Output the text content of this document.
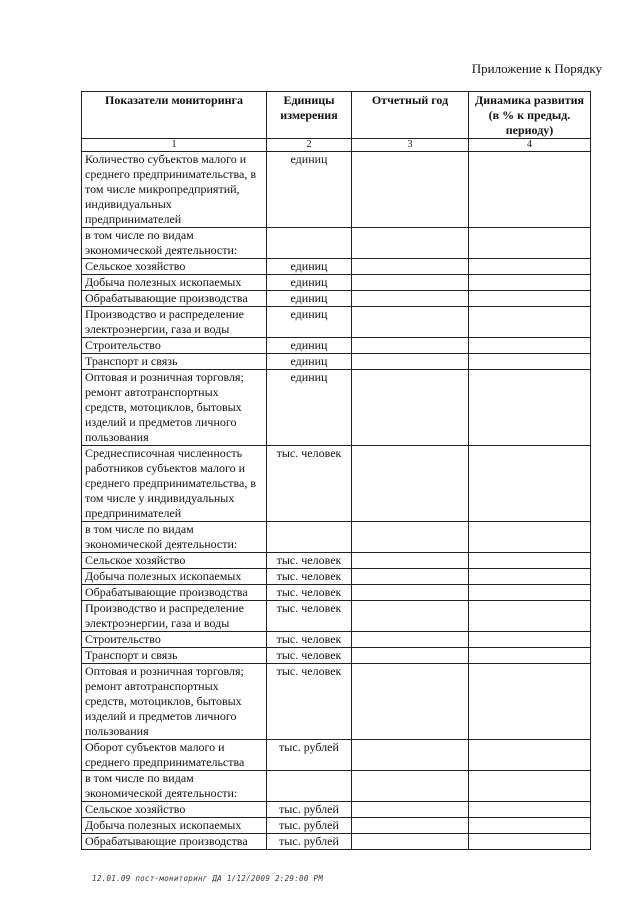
Приложение к Порядку
Показатели мониторинга	Единицы измерения	Отчетный год	Динамика развития (в % к предыд. периоду)
1	2	3	4
Количество субъектов малого и среднего предпринимательства, в том числе микропредприятий, индивидуальных предпринимателей	единиц		
в том числе по видам экономической деятельности:			
Сельское хозяйство	единиц		
Добыча полезных ископаемых	единиц		
Обрабатывающие производства	единиц		
Производство и распределение электроэнергии, газа и воды	единиц		
Строительство	единиц		
Транспорт и связь	единиц		
Оптовая и розничная торговля; ремонт автотранспортных средств, мотоциклов, бытовых изделий и предметов личного пользования	единиц		
Среднесписочная численность работников субъектов малого и среднего предпринимательства, в том числе у индивидуальных предпринимателей	тыс. человек		
в том числе по видам экономической деятельности:			
Сельское хозяйство	тыс. человек		
Добыча полезных ископаемых	тыс. человек		
Обрабатывающие производства	тыс. человек		
Производство и распределение электроэнергии, газа и воды	тыс. человек		
Строительство	тыс. человек		
Транспорт и связь	тыс. человек		
Оптовая и розничная торговля; ремонт автотранспортных средств, мотоциклов, бытовых изделий и предметов личного пользования	тыс. человек		
Оборот субъектов малого и среднего предпринимательства	тыс. рублей		
в том числе по видам экономической деятельности:			
Сельское хозяйство	тыс. рублей		
Добыча полезных ископаемых	тыс. рублей		
Обрабатывающие производства	тыс. рублей		
12.01.09 пост-мониторинг ДА 1/12/2009 2:29:00 PM
